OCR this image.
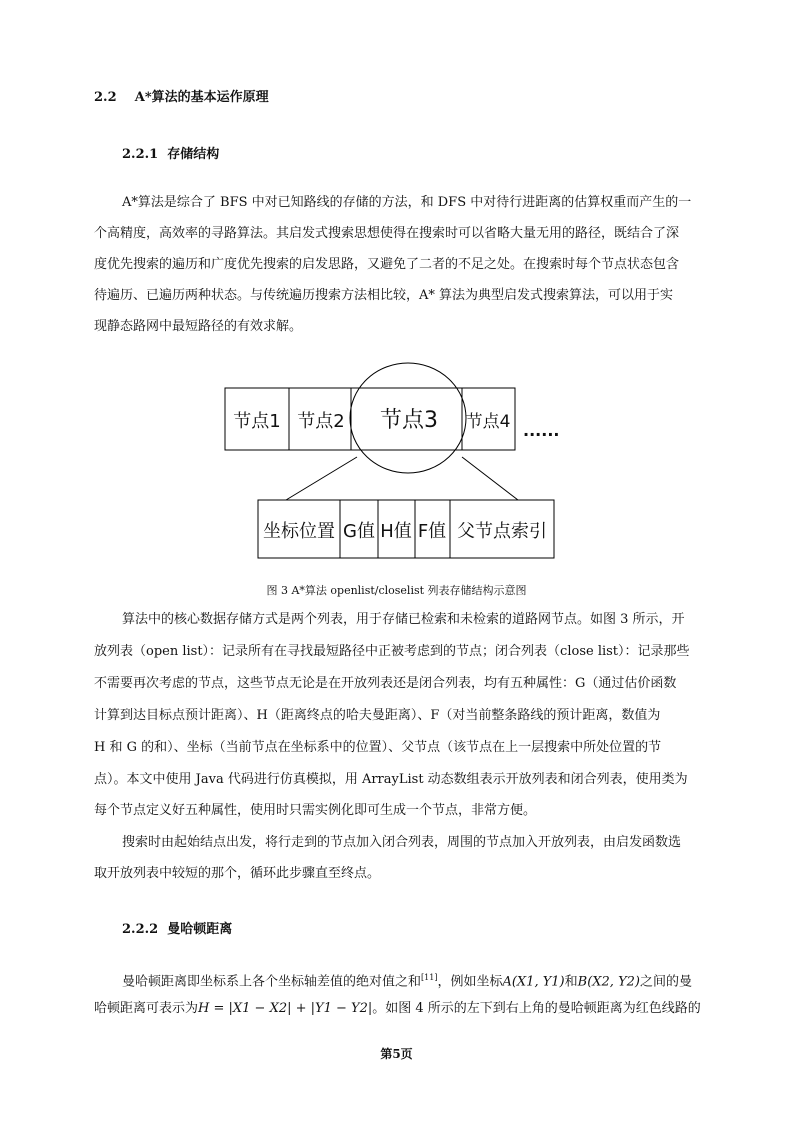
2.2 A*算法的基本运作原理
2.2.1 存储结构

A*算法是综合了 BFS 中对已知路线的存储的方法，和 DFS 中对待行进距离的估算权重而产生的一

个高精度，高效率的寻路算法。其启发式搜索思想使得在搜索时可以省略大量无用的路径，既结合了深

度优先搜索的遍历和广度优先搜索的启发思路，又避免了二者的不足之处。在搜索时每个节点状态包含

待遍历、已遍历两种状态。与传统遍历搜索方法相比较，A* 算法为典型启发式搜索算法，可以用于实

现静态路网中最短路径的有效求解。

节点1 节点2 节点3 节点4 ......
坐标位置 G值 H值 F值 父节点索引

图 3 A*算法 openlist/closelist 列表存储结构示意图

算法中的核心数据存储方式是两个列表，用于存储已检索和未检索的道路网节点。如图 3 所示，开

放列表（open list）：记录所有在寻找最短路径中正被考虑到的节点；闭合列表（close list）：记录那些

不需要再次考虑的节点，这些节点无论是在开放列表还是闭合列表，均有五种属性：G（通过估价函数

计算到达目标点预计距离）、H（距离终点的哈夫曼距离）、F（对当前整条路线的预计距离，数值为

H 和 G 的和）、坐标（当前节点在坐标系中的位置）、父节点（该节点在上一层搜索中所处位置的节

点）。本文中使用 Java 代码进行仿真模拟，用 ArrayList 动态数组表示开放列表和闭合列表，使用类为

每个节点定义好五种属性，使用时只需实例化即可生成一个节点，非常方便。

搜索时由起始结点出发，将行走到的节点加入闭合列表，周围的节点加入开放列表，由启发函数选

取开放列表中较短的那个，循环此步骤直至终点。

2.2.2 曼哈顿距离

曼哈顿距离即坐标系上各个坐标轴差值的绝对值之和[11]，例如坐标A(X1, Y1)和B(X2, Y2)之间的曼

哈顿距离可表示为H = |X1 − X2| + |Y1 − Y2|。如图 4 所示的左下到右上角的曼哈顿距离为红色线路的

第5页
